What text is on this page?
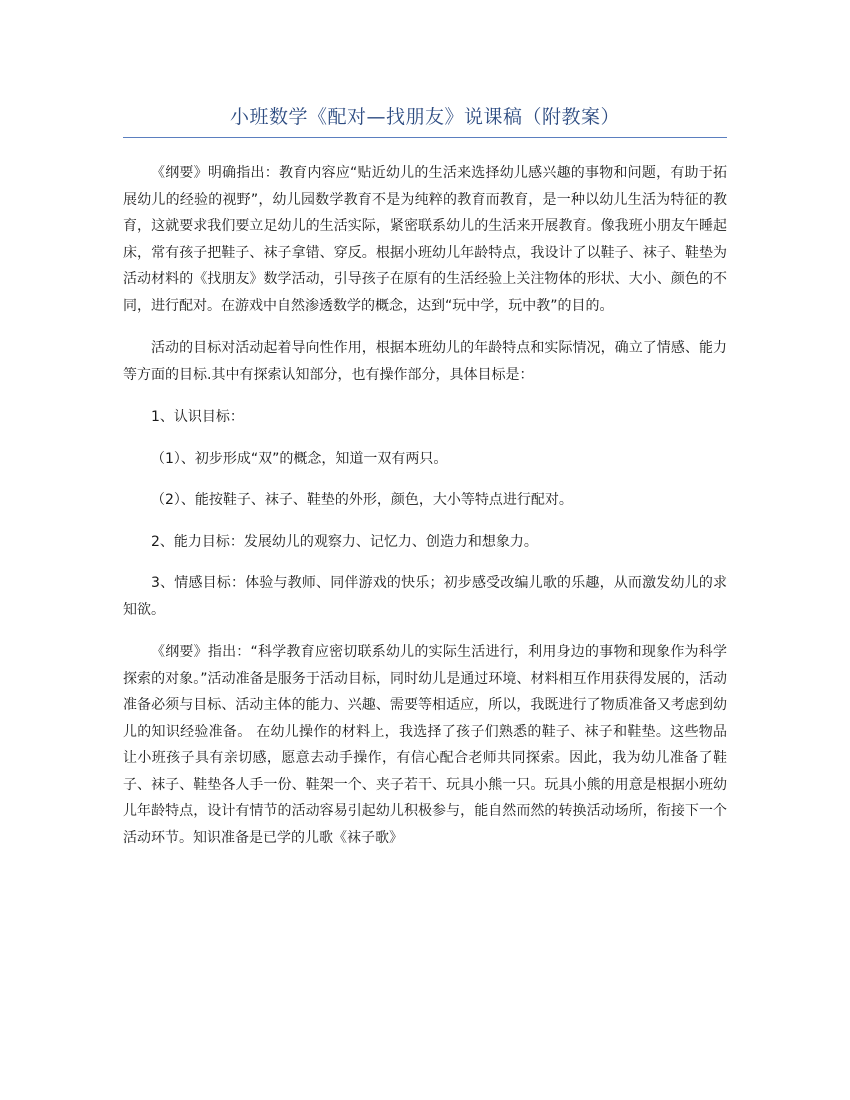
小班数学《配对—找朋友》说课稿（附教案）

《纲要》明确指出：教育内容应“贴近幼儿的生活来选择幼儿感兴趣的事物和问题，有助于拓展幼儿的经验的视野”，幼儿园数学教育不是为纯粹的教育而教育，是一种以幼儿生活为特征的教育，这就要求我们要立足幼儿的生活实际，紧密联系幼儿的生活来开展教育。像我班小朋友午睡起床，常有孩子把鞋子、袜子拿错、穿反。根据小班幼儿年龄特点，我设计了以鞋子、袜子、鞋垫为活动材料的《找朋友》数学活动，引导孩子在原有的生活经验上关注物体的形状、大小、颜色的不同，进行配对。在游戏中自然渗透数学的概念，达到“玩中学，玩中教”的目的。

活动的目标对活动起着导向性作用，根据本班幼儿的年龄特点和实际情况，确立了情感、能力等方面的目标.其中有探索认知部分，也有操作部分，具体目标是：

1、认识目标：

（1）、初步形成“双”的概念，知道一双有两只。

（2）、能按鞋子、袜子、鞋垫的外形，颜色，大小等特点进行配对。

2、能力目标：发展幼儿的观察力、记忆力、创造力和想象力。

3、情感目标：体验与教师、同伴游戏的快乐；初步感受改编儿歌的乐趣，从而激发幼儿的求知欲。

《纲要》指出：“科学教育应密切联系幼儿的实际生活进行，利用身边的事物和现象作为科学探索的对象。”活动准备是服务于活动目标，同时幼儿是通过环境、材料相互作用获得发展的，活动准备必须与目标、活动主体的能力、兴趣、需要等相适应，所以，我既进行了物质准备又考虑到幼儿的知识经验准备。 在幼儿操作的材料上，我选择了孩子们熟悉的鞋子、袜子和鞋垫。这些物品让小班孩子具有亲切感，愿意去动手操作，有信心配合老师共同探索。因此，我为幼儿准备了鞋子、袜子、鞋垫各人手一份、鞋架一个、夹子若干、玩具小熊一只。玩具小熊的用意是根据小班幼儿年龄特点，设计有情节的活动容易引起幼儿积极参与，能自然而然的转换活动场所，衔接下一个活动环节。知识准备是已学的儿歌《袜子歌》
